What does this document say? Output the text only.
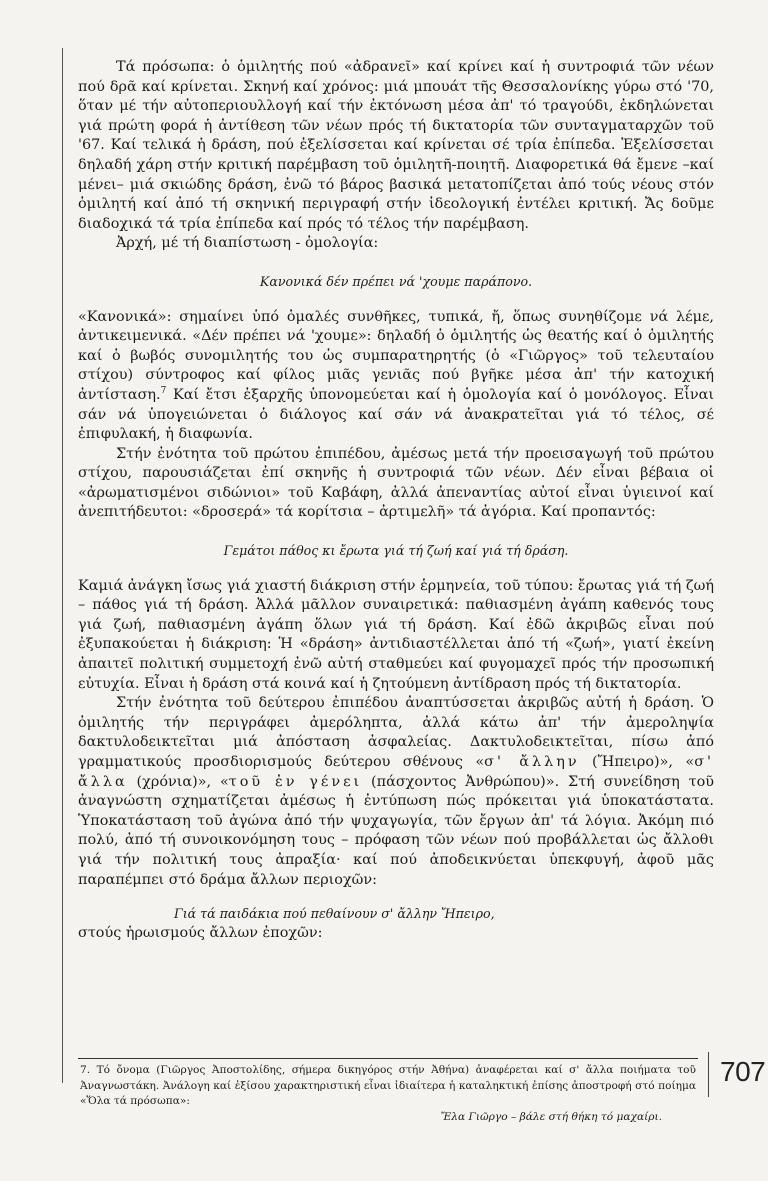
Τά πρόσωπα: ὁ ὁμιλητής πού «ἀδρανεῖ» καί κρίνει καί ἡ συντροφιά τῶν νέων πού δρᾶ καί κρίνεται. Σκηνή καί χρόνος: μιά μπουάτ τῆς Θεσσαλονίκης γύρω στό '70, ὅταν μέ τήν αὐτοπεριουλλογή καί τήν ἐκτόνωση μέσα ἀπ' τό τραγούδι, ἐκδηλώνεται γιά πρώτη φορά ἡ ἀντίθεση τῶν νέων πρός τή δικτατορία τῶν συνταγματαρχῶν τοῦ '67. Καί τελικά ἡ δράση, πού ἐξελίσσεται καί κρίνεται σέ τρία ἐπίπεδα. Ἐξελίσσεται δηλαδή χάρη στήν κριτική παρέμβαση τοῦ ὁμιλητῆ-ποιητῆ. Διαφορετικά θά ἔμενε –καί μένει– μιά σκιώδης δράση, ἐνῶ τό βάρος βασικά μετατοπίζεται ἀπό τούς νέους στόν ὁμιλητή καί ἀπό τή σκηνική περιγραφή στήν ἰδεολογική ἐντέλει κριτική. Ἄς δοῦμε διαδοχικά τά τρία ἐπίπεδα καί πρός τό τέλος τήν παρέμβαση.

Ἀρχή, μέ τή διαπίστωση - ὁμολογία:

Κανονικά δέν πρέπει νά 'χουμε παράπονο.

«Κανονικά»: σημαίνει ὑπό ὁμαλές συνθῆκες, τυπικά, ἤ, ὅπως συνηθίζομε νά λέμε, ἀντικειμενικά. «Δέν πρέπει νά 'χουμε»: δηλαδή ὁ ὁμιλητής ὡς θεατής καί ὁ ὁμιλητής καί ὁ βωβός συνομιλητής του ὡς συμπαρατηρητής (ὁ «Γιῶργος» τοῦ τελευταίου στίχου) σύντροφος καί φίλος μιᾶς γενιᾶς πού βγῆκε μέσα ἀπ' τήν κατοχική ἀντίσταση.$^7$ Καί ἔτσι ἐξαρχῆς ὑπονομεύεται καί ἡ ὁμολογία καί ὁ μονόλογος. Εἶναι σάν νά ὑπογειώνεται ὁ διάλογος καί σάν νά ἀνακρατεῖται γιά τό τέλος, σέ ἐπιφυλακή, ἡ διαφωνία.

Στήν ἐνότητα τοῦ πρώτου ἐπιπέδου, ἀμέσως μετά τήν προεισαγωγή τοῦ πρώτου στίχου, παρουσιάζεται ἐπί σκηνῆς ἡ συντροφιά τῶν νέων. Δέν εἶναι βέβαια οἱ «ἀρωματισμένοι σιδώνιοι» τοῦ Καβάφη, ἀλλά ἀπεναντίας αὐτοί εἶναι ὑγιεινοί καί ἀνεπιτήδευτοι: «δροσερά» τά κορίτσια – ἀρτιμελῆ» τά ἀγόρια. Καί προπαντός:

Γεμάτοι πάθος κι ἔρωτα γιά τή ζωή καί γιά τή δράση.

Καμιά ἀνάγκη ἴσως γιά χιαστή διάκριση στήν ἑρμηνεία, τοῦ τύπου: ἔρωτας γιά τή ζωή – πάθος γιά τή δράση. Ἀλλά μᾶλλον συναιρετικά: παθιασμένη ἀγάπη καθενός τους γιά ζωή, παθιασμένη ἀγάπη ὅλων γιά τή δράση. Καί ἐδῶ ἀκριβῶς εἶναι πού ἐξυπακούεται ἡ διάκριση: Ἡ «δράση» ἀντιδιαστέλλεται ἀπό τή «ζωή», γιατί ἐκείνη ἀπαιτεῖ πολιτική συμμετοχή ἐνῶ αὐτή σταθμεύει καί φυγομαχεῖ πρός τήν προσωπική εὐτυχία. Εἶναι ἡ δράση στά κοινά καί ἡ ζητούμενη ἀντίδραση πρός τή δικτατορία.

Στήν ἐνότητα τοῦ δεύτερου ἐπιπέδου ἀναπτύσσεται ἀκριβῶς αὐτή ἡ δράση. Ὁ ὁμιλητής τήν περιγράφει ἀμερόληπτα, ἀλλά κάτω ἀπ' τήν ἀμεροληψία δακτυλοδεικτεῖται μιά ἀπόσταση ἀσφαλείας. Δακτυλοδεικτεῖται, πίσω ἀπό γραμματικούς προσδιορισμούς δεύτερου σθένους «σ' ἄλλην (Ἤπειρο)», «σ' ἄλλα (χρόνια)», «τοῦ ἐν γένει (πάσχοντος Ἀνθρώπου)». Στή συνείδηση τοῦ ἀναγνώστη σχηματίζεται ἀμέσως ἡ ἐντύπωση πώς πρόκειται γιά ὑποκατάστατα. Ὑποκατάσταση τοῦ ἀγώνα ἀπό τήν ψυχαγωγία, τῶν ἔργων ἀπ' τά λόγια. Ἀκόμη πιό πολύ, ἀπό τή συνοικονόμηση τους – πρόφαση τῶν νέων πού προβάλλεται ὡς ἄλλοθι γιά τήν πολιτική τους ἀπραξία· καί πού ἀποδεικνύεται ὑπεκφυγή, ἀφοῦ μᾶς παραπέμπει στό δράμα ἄλλων περιοχῶν:

Γιά τά παιδάκια πού πεθαίνουν σ' ἄλλην Ἤπειρο,

στούς ἡρωισμούς ἄλλων ἐποχῶν:

7. Τό ὄνομα (Γιῶργος Ἀποστολίδης, σήμερα δικηγόρος στήν Ἀθήνα) ἀναφέρεται καί σ' ἄλλα ποιήματα τοῦ Ἀναγνωστάκη. Ἀνάλογη καί ἐξίσου χαρακτηριστική εἶναι ἰδιαίτερα ἡ καταληκτική ἐπίσης ἀποστροφή στό ποίημα «Ὅλα τά πρόσωπα»:

Ἔλα Γιῶργο – βάλε στή θήκη τό μαχαίρι.

707
